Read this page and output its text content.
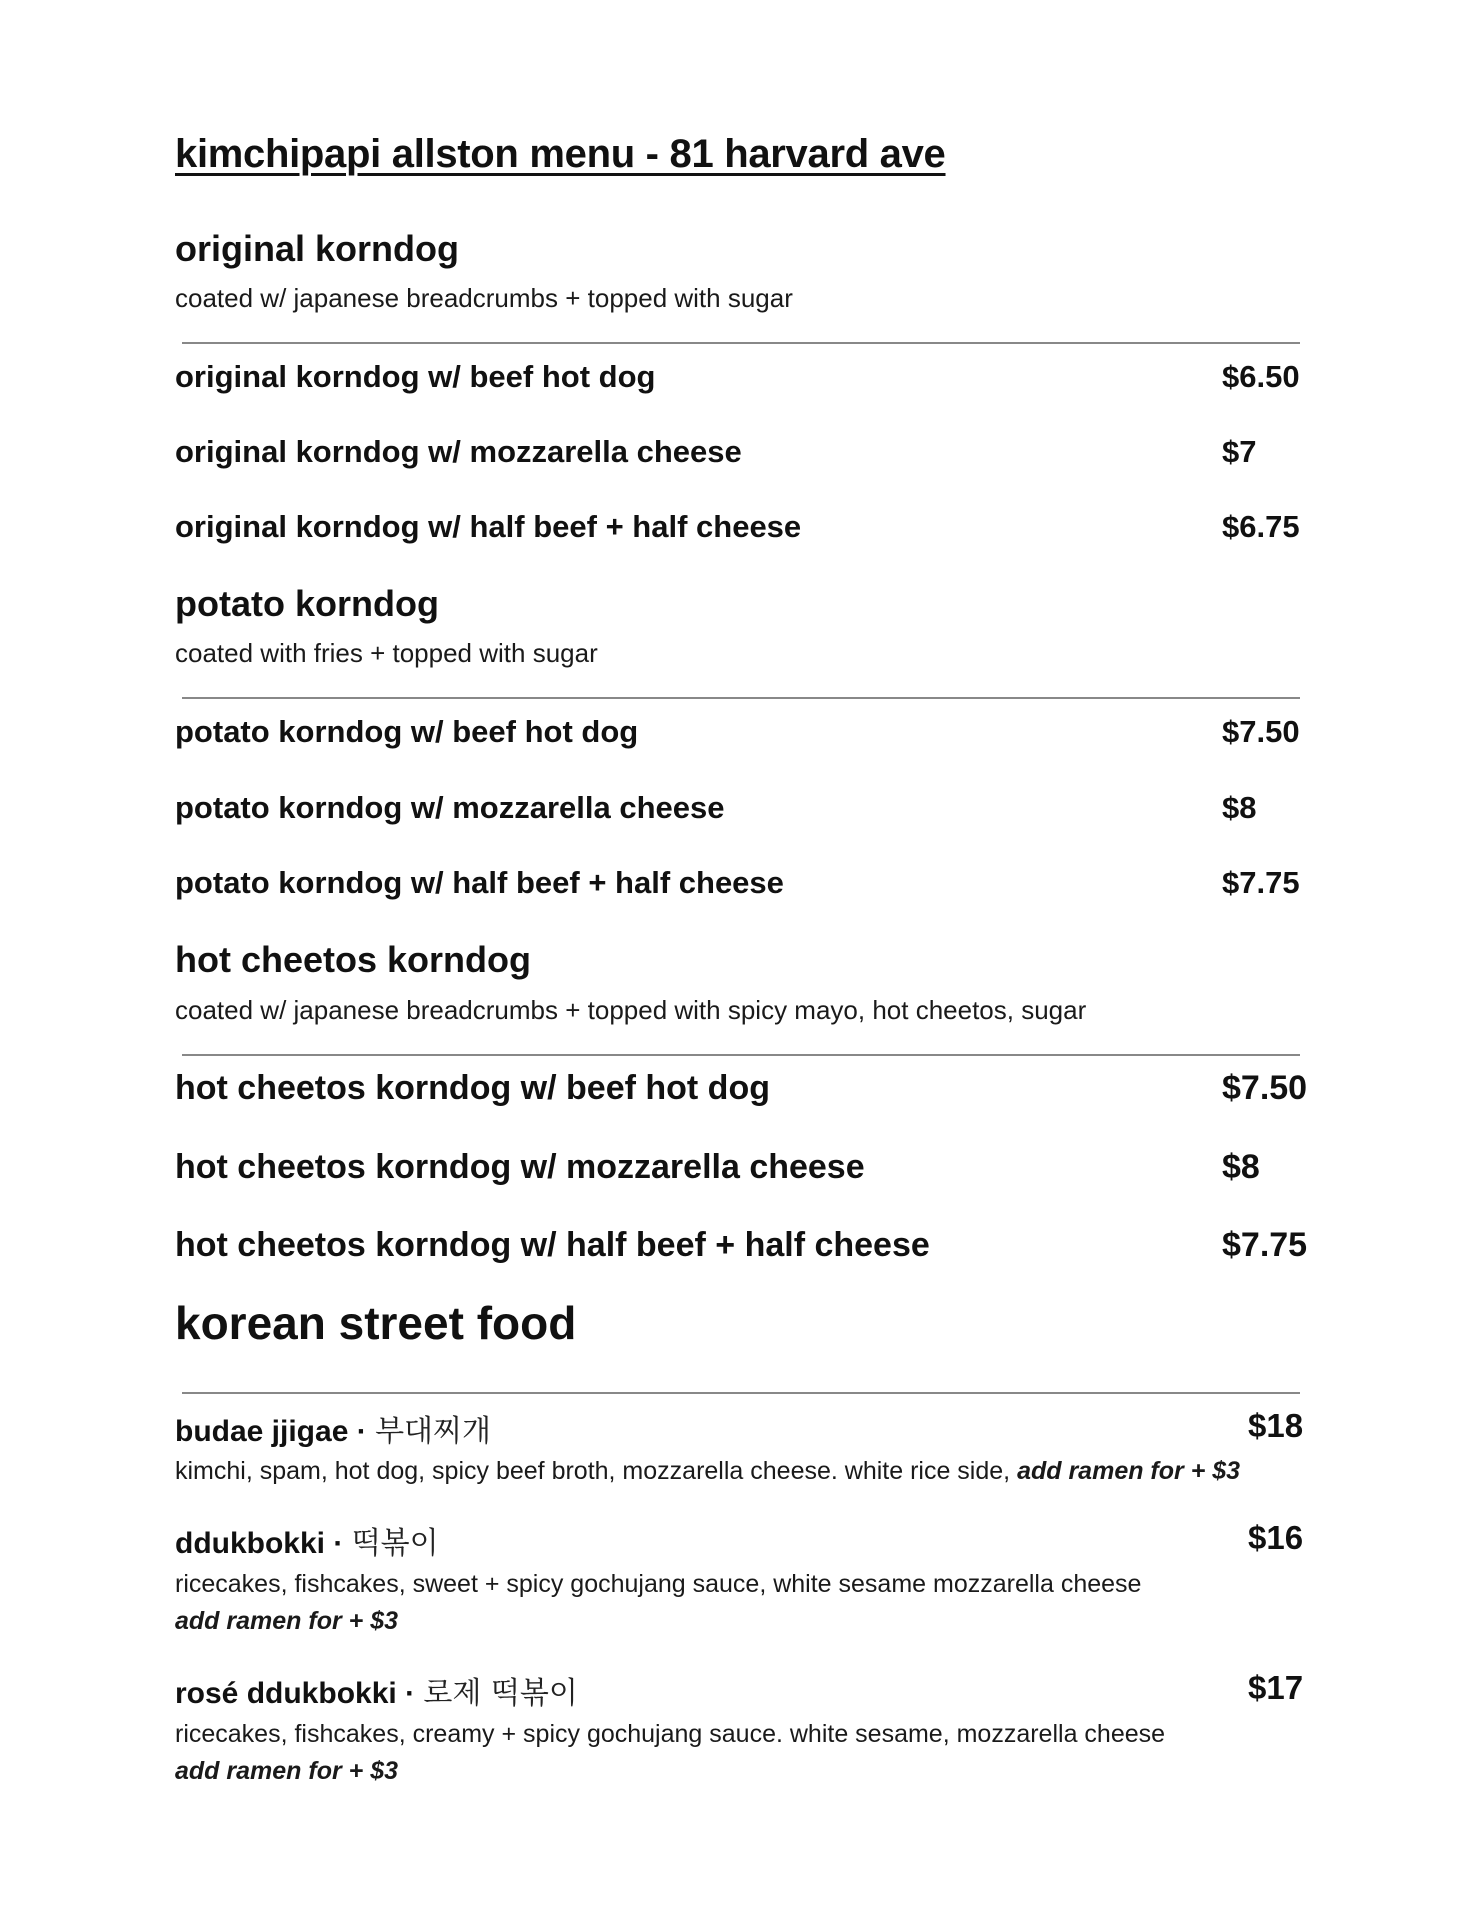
kimchipapi allston menu - 81 harvard ave
original korndog
coated w/ japanese breadcrumbs + topped with sugar
original korndog w/ beef hot dog	$6.50
original korndog w/ mozzarella cheese	$7
original korndog w/ half beef + half cheese	$6.75
potato korndog
coated with fries + topped with sugar
potato korndog w/ beef hot dog	$7.50
potato korndog w/ mozzarella cheese	$8
potato korndog w/ half beef + half cheese	$7.75
hot cheetos korndog
coated w/ japanese breadcrumbs + topped with spicy mayo, hot cheetos, sugar
hot cheetos korndog w/ beef hot dog	$7.50
hot cheetos korndog w/ mozzarella cheese	$8
hot cheetos korndog w/ half beef + half cheese	$7.75
korean street food
budae jjigae · 부대찌개	$18
kimchi, spam, hot dog, spicy beef broth, mozzarella cheese. white rice side, add ramen for + $3
ddukbokki · 떡볶이	$16
ricecakes, fishcakes, sweet + spicy gochujang sauce, white sesame mozzarella cheese
add ramen for + $3
rosé ddukbokki · 로제 떡볶이	$17
ricecakes, fishcakes, creamy + spicy gochujang sauce. white sesame, mozzarella cheese
add ramen for + $3
